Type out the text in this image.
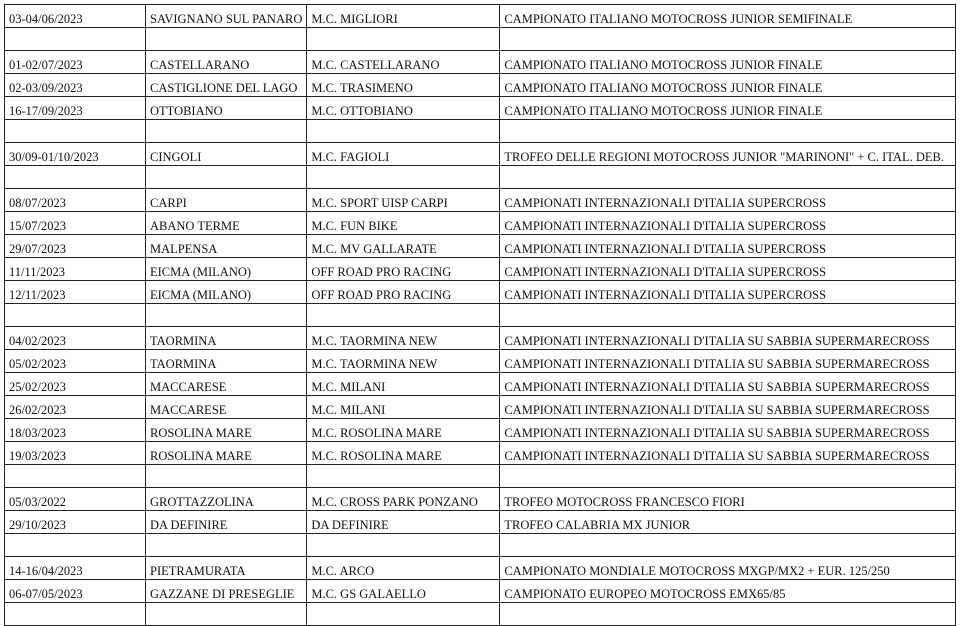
03-04/06/2023	SAVIGNANO SUL PANARO	M.C. MIGLIORI	CAMPIONATO ITALIANO MOTOCROSS JUNIOR SEMIFINALE

01-02/07/2023	CASTELLARANO	M.C. CASTELLARANO	CAMPIONATO ITALIANO MOTOCROSS JUNIOR FINALE
02-03/09/2023	CASTIGLIONE DEL LAGO	M.C. TRASIMENO	CAMPIONATO ITALIANO MOTOCROSS JUNIOR FINALE
16-17/09/2023	OTTOBIANO	M.C. OTTOBIANO	CAMPIONATO ITALIANO MOTOCROSS JUNIOR FINALE

30/09-01/10/2023	CINGOLI	M.C. FAGIOLI	TROFEO DELLE REGIONI MOTOCROSS JUNIOR "MARINONI" + C. ITAL. DEB.

08/07/2023	CARPI	M.C. SPORT UISP CARPI	CAMPIONATI INTERNAZIONALI D'ITALIA SUPERCROSS
15/07/2023	ABANO TERME	M.C. FUN BIKE	CAMPIONATI INTERNAZIONALI D'ITALIA SUPERCROSS
29/07/2023	MALPENSA	M.C. MV GALLARATE	CAMPIONATI INTERNAZIONALI D'ITALIA SUPERCROSS
11/11/2023	EICMA (MILANO)	OFF ROAD PRO RACING	CAMPIONATI INTERNAZIONALI D'ITALIA SUPERCROSS
12/11/2023	EICMA (MILANO)	OFF ROAD PRO RACING	CAMPIONATI INTERNAZIONALI D'ITALIA SUPERCROSS

04/02/2023	TAORMINA	M.C. TAORMINA NEW	CAMPIONATI INTERNAZIONALI D'ITALIA SU SABBIA SUPERMARECROSS
05/02/2023	TAORMINA	M.C. TAORMINA NEW	CAMPIONATI INTERNAZIONALI D'ITALIA SU SABBIA SUPERMARECROSS
25/02/2023	MACCARESE	M.C. MILANI	CAMPIONATI INTERNAZIONALI D'ITALIA SU SABBIA SUPERMARECROSS
26/02/2023	MACCARESE	M.C. MILANI	CAMPIONATI INTERNAZIONALI D'ITALIA SU SABBIA SUPERMARECROSS
18/03/2023	ROSOLINA MARE	M.C. ROSOLINA MARE	CAMPIONATI INTERNAZIONALI D'ITALIA SU SABBIA SUPERMARECROSS
19/03/2023	ROSOLINA MARE	M.C. ROSOLINA MARE	CAMPIONATI INTERNAZIONALI D'ITALIA SU SABBIA SUPERMARECROSS

05/03/2022	GROTTAZZOLINA	M.C. CROSS PARK PONZANO	TROFEO MOTOCROSS FRANCESCO FIORI
29/10/2023	DA DEFINIRE	DA DEFINIRE	TROFEO CALABRIA MX JUNIOR

14-16/04/2023	PIETRAMURATA	M.C. ARCO	CAMPIONATO MONDIALE MOTOCROSS MXGP/MX2 + EUR. 125/250
06-07/05/2023	GAZZANE DI PRESEGLIE	M.C. GS GALAELLO	CAMPIONATO EUROPEO MOTOCROSS EMX65/85
